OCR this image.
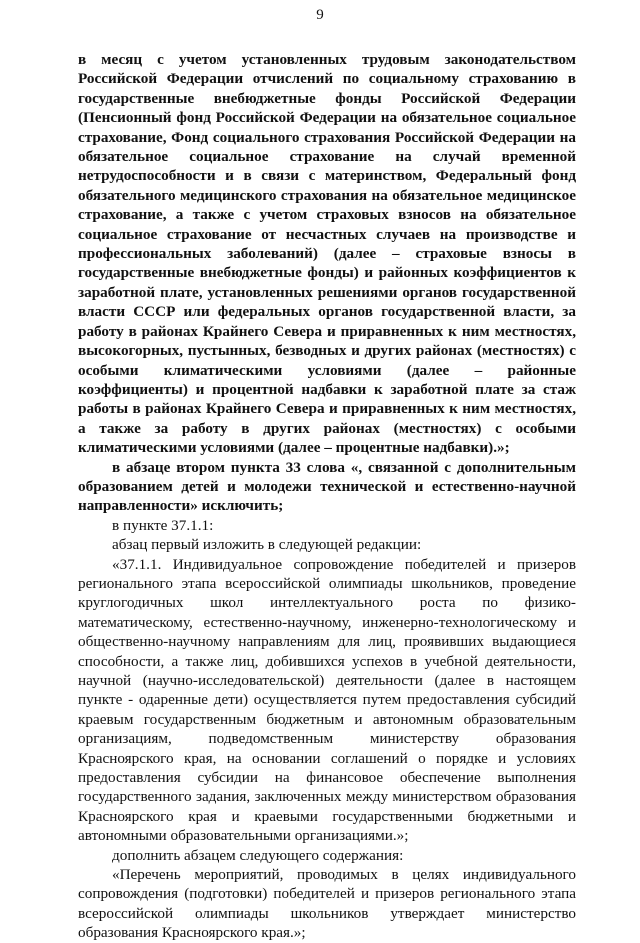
9

в месяц с учетом установленных трудовым законодательством Российской Федерации отчислений по социальному страхованию в государственные внебюджетные фонды Российской Федерации (Пенсионный фонд Российской Федерации на обязательное социальное страхование, Фонд социального страхования Российской Федерации на обязательное социальное страхование на случай временной нетрудоспособности и в связи с материнством, Федеральный фонд обязательного медицинского страхования на обязательное медицинское страхование, а также с учетом страховых взносов на обязательное социальное страхование от несчастных случаев на производстве и профессиональных заболеваний) (далее – страховые взносы в государственные внебюджетные фонды) и районных коэффициентов к заработной плате, установленных решениями органов государственной власти СССР или федеральных органов государственной власти, за работу в районах Крайнего Севера и приравненных к ним местностях, высокогорных, пустынных, безводных и других районах (местностях) с особыми климатическими условиями (далее – районные коэффициенты) и процентной надбавки к заработной плате за стаж работы в районах Крайнего Севера и приравненных к ним местностях, а также за работу в других районах (местностях) с особыми климатическими условиями (далее – процентные надбавки).»;

в абзаце втором пункта 33 слова «, связанной с дополнительным образованием детей и молодежи технической и естественно-научной направленности» исключить;

в пункте 37.1.1:

абзац первый изложить в следующей редакции:

«37.1.1. Индивидуальное сопровождение победителей и призеров регионального этапа всероссийской олимпиады школьников, проведение круглогодичных школ интеллектуального роста по физико-математическому, естественно-научному, инженерно-технологическому и общественно-научному направлениям для лиц, проявивших выдающиеся способности, а также лиц, добившихся успехов в учебной деятельности, научной (научно-исследовательской) деятельности (далее в настоящем пункте - одаренные дети) осуществляется путем предоставления субсидий краевым государственным бюджетным и автономным образовательным организациям, подведомственным министерству образования Красноярского края, на основании соглашений о порядке и условиях предоставления субсидии на финансовое обеспечение выполнения государственного задания, заключенных между министерством образования Красноярского края и краевыми государственными бюджетными и автономными образовательными организациями.»;

дополнить абзацем следующего содержания:

«Перечень мероприятий, проводимых в целях индивидуального сопровождения (подготовки) победителей и призеров регионального этапа всероссийской олимпиады школьников утверждает министерство образования Красноярского края.»;
